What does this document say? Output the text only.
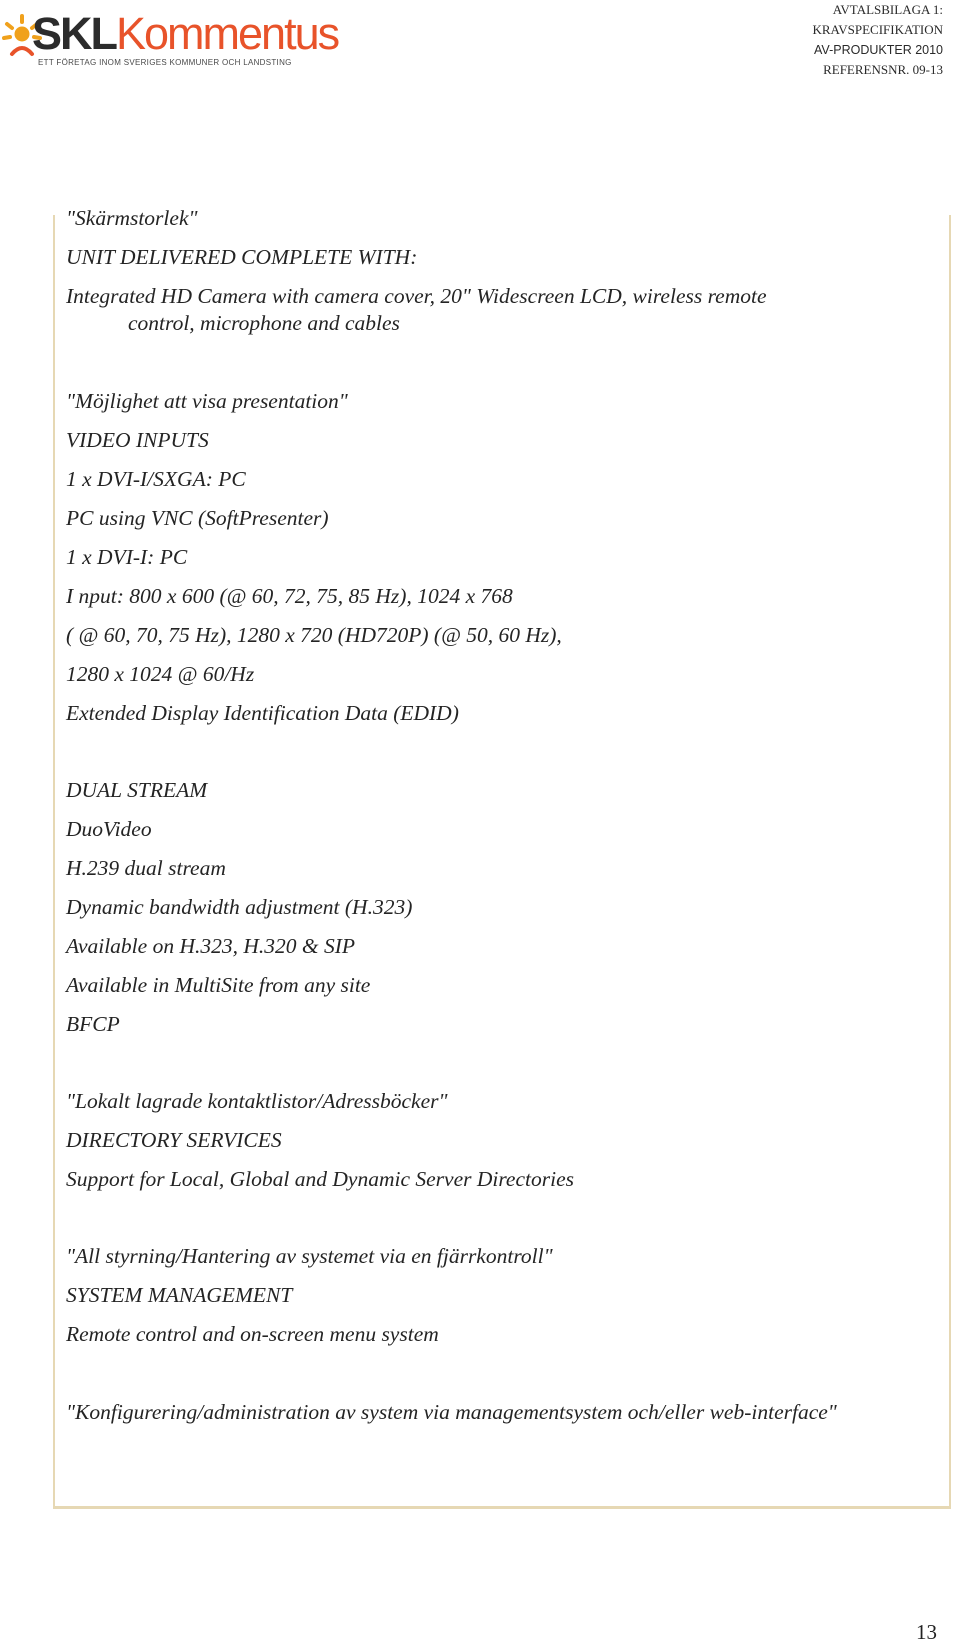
SKLKommentus
ETT FÖRETAG INOM SVERIGES KOMMUNER OCH LANDSTING
AVTALSBILAGA 1:
KRAVSPECIFIKATION
AV-PRODUKTER 2010
REFERENSNR. 09-13
"Skärmstorlek"
UNIT DELIVERED COMPLETE WITH:
Integrated HD Camera with camera cover, 20" Widescreen LCD, wireless remote
control, microphone and cables
"Möjlighet att visa presentation"
VIDEO INPUTS
1 x DVI-I/SXGA: PC
PC using VNC (SoftPresenter)
1 x DVI-I: PC
I nput: 800 x 600 (@ 60, 72, 75, 85 Hz), 1024 x 768
( @ 60, 70, 75 Hz), 1280 x 720 (HD720P) (@ 50, 60 Hz),
1280 x 1024 @ 60/Hz
Extended Display Identification Data (EDID)
DUAL STREAM
DuoVideo
H.239 dual stream
Dynamic bandwidth adjustment (H.323)
Available on H.323, H.320 & SIP
Available in MultiSite from any site
BFCP
"Lokalt lagrade kontaktlistor/Adressböcker"
DIRECTORY SERVICES
Support for Local, Global and Dynamic Server Directories
"All styrning/Hantering av systemet via en fjärrkontroll"
SYSTEM MANAGEMENT
Remote control and on-screen menu system
"Konfigurering/administration av system via managementsystem och/eller web-interface"
13
